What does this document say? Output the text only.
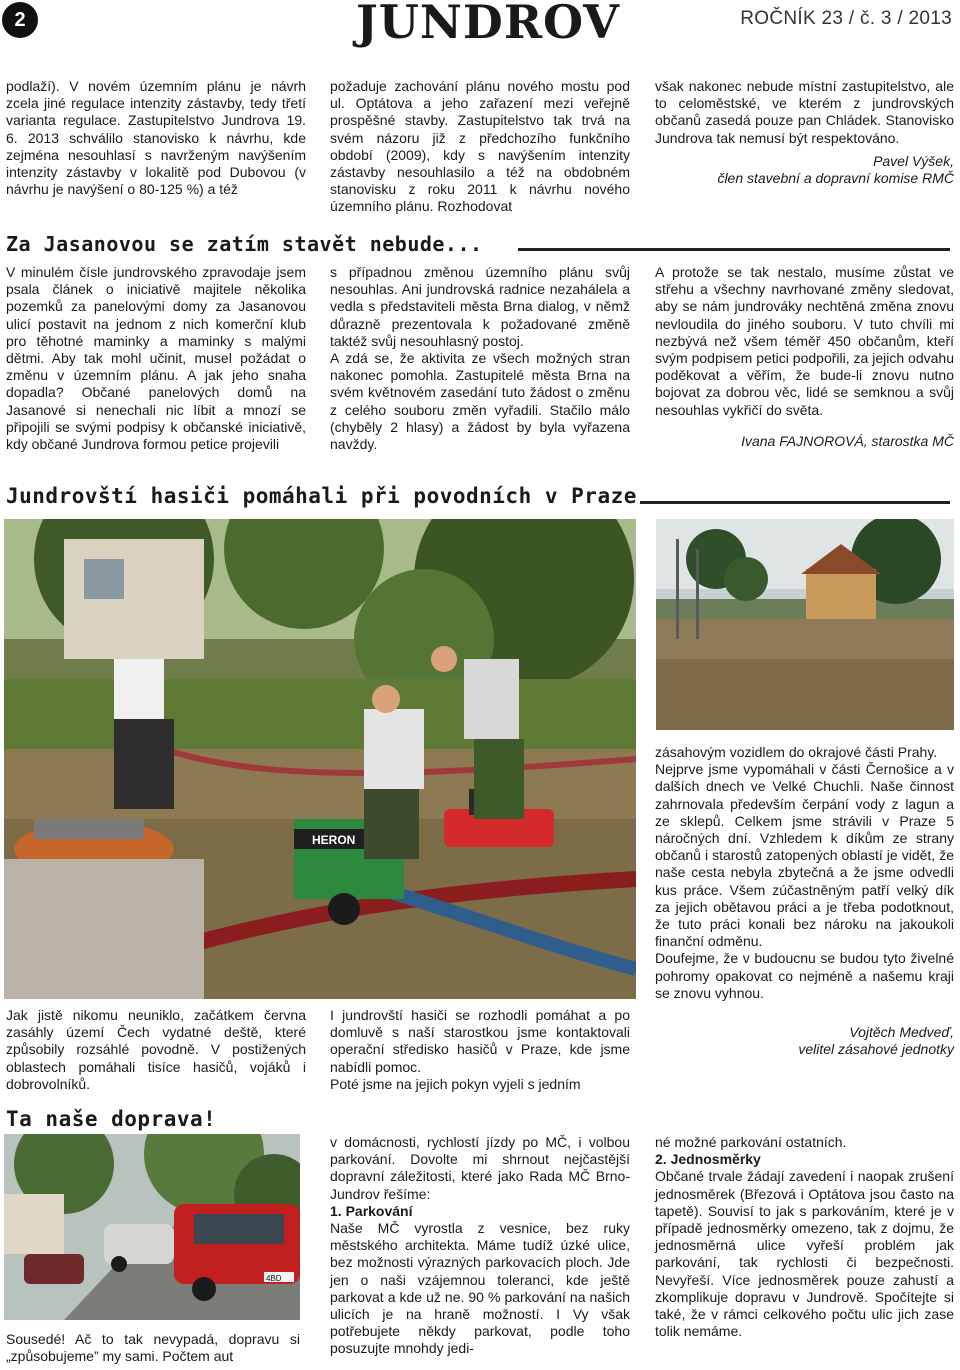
2	JUNDROV	ROČNÍK 23 / č. 3 / 2013

podlaží). V novém územním plánu je návrh zcela jiné regulace intenzity zástavby, tedy třetí varianta regulace. Zastupitelstvo Jundrova 19. 6. 2013 schválilo stanovisko k návrhu, kde zejména nesouhlasí s navrženým navýšením intenzity zástavby v lokalitě pod Dubovou (v návrhu je navýšení o 80-125 %) a též

požaduje zachování plánu nového mostu pod ul. Optátova a jeho zařazení mezi veřejně prospěšné stavby. Zastupitelstvo tak trvá na svém názoru již z předchozího funkčního období (2009), kdy s navýšením intenzity zástavby nesouhlasilo a též na obdobném stanovisku z roku 2011 k návrhu nového územního plánu. Rozhodovat

však nakonec nebude místní zastupitelstvo, ale to celoměstské, ve kterém z jundrovských občanů zasedá pouze pan Chládek. Stanovisko Jundrova tak nemusí být respektováno.

Pavel Výšek,

člen stavební a dopravní komise RMČ

Za Jasanovou se zatím stavět nebude...

V minulém čísle jundrovského zpravodaje jsem psala článek o iniciativě majitele několika pozemků za panelovými domy za Jasanovou ulicí postavit na jednom z nich komerční klub pro těhotné maminky a maminky s malými dětmi. Aby tak mohl učinit, musel požádat o změnu v územním plánu. A jak jeho snaha dopadla? Občané panelových domů na Jasanové si nenechali nic líbit a mnozí se připojili se svými podpisy k občanské iniciativě, kdy občané Jundrova formou petice projevili

s případnou změnou územního plánu svůj nesouhlas. Ani jundrovská radnice nezahálela a vedla s představiteli města Brna dialog, v němž důrazně prezentovala k požadované změně taktéž svůj nesouhlasný postoj.

A zdá se, že aktivita ze všech možných stran nakonec pomohla. Zastupitelé města Brna na svém květnovém zasedání tuto žádost o změnu z celého souboru změn vyřadili. Stačilo málo (chyběly 2 hlasy) a žádost by byla vyřazena navždy.

A protože se tak nestalo, musíme zůstat ve střehu a všechny navrhované změny sledovat, aby se nám jundrováky nechtěná změna znovu nevloudila do jiného souboru. V tuto chvíli mi nezbývá než všem téměř 450 občanům, kteří svým podpisem petici podpořili, za jejich odvahu poděkovat a věřím, že bude-li znovu nutno bojovat za dobrou věc, lidé se semknou a svůj nesouhlas vykřičí do světa.

Ivana FAJNOROVÁ, starostka MČ

Jundrovští hasiči pomáhali při povodních v Praze
HERON

zásahovým vozidlem do okrajové části Prahy.

Nejprve jsme vypomáhali v části Černošice a v dalších dnech ve Velké Chuchli. Naše činnost zahrnovala především čerpání vody z lagun a ze sklepů. Celkem jsme strávili v Praze 5 náročných dní. Vzhledem k díkům ze strany občanů i starostů zatopených oblastí je vidět, že naše cesta nebyla zbytečná a že jsme odvedli kus práce. Všem zúčastněným patří velký dík za jejich obětavou práci a je třeba podotknout, že tuto práci konali bez nároku na jakoukoli finanční odměnu.

Doufejme, že v budoucnu se budou tyto živelné pohromy opakovat co nejméně a našemu kraji se znovu vyhnou.

Vojtěch Medveď,

velitel zásahové jednotky

Jak jistě nikomu neuniklo, začátkem června zasáhly území Čech vydatné deště, které způsobily rozsáhlé povodně. V postižených oblastech pomáhali tisíce hasičů, vojáků i dobrovolníků.

I jundrovští hasiči se rozhodli pomáhat a po domluvě s naší starostkou jsme kontaktovali operační středisko hasičů v Praze, kde jsme nabídli pomoc.

Poté jsme na jejich pokyn vyjeli s jedním

Ta naše doprava!
4BD

Sousedé! Ač to tak nevypadá, dopravu si „způsobujeme” my sami. Počtem aut

v domácnosti, rychlostí jízdy po MČ, i volbou parkování. Dovolte mi shrnout nejčastější dopravní záležitosti, které jako Rada MČ Brno-Jundrov řešíme:

1. Parkování

Naše MČ vyrostla z vesnice, bez ruky městského architekta. Máme tudíž úzké ulice, bez možnosti výrazných parkovacích ploch. Jde jen o naši vzájemnou toleranci, kde ještě parkovat a kde už ne. 90 % parkování na našich ulicích je na hraně možností. I Vy však potřebujete někdy parkovat, podle toho posuzujte mnohdy jedi-

né možné parkování ostatních.

2. Jednosměrky

Občané trvale žádají zavedení i naopak zrušení jednosměrek (Březová i Optátova jsou často na tapetě). Souvisí to jak s parkováním, které je v případě jednosměrky omezeno, tak z dojmu, že jednosměrná ulice vyřeší problém jak parkování, tak rychlosti či bezpečnosti. Nevyřeší. Více jednosměrek pouze zahustí a zkomplikuje dopravu v Jundrově. Spočítejte si také, že v rámci celkového počtu ulic jich zase tolik nemáme.
